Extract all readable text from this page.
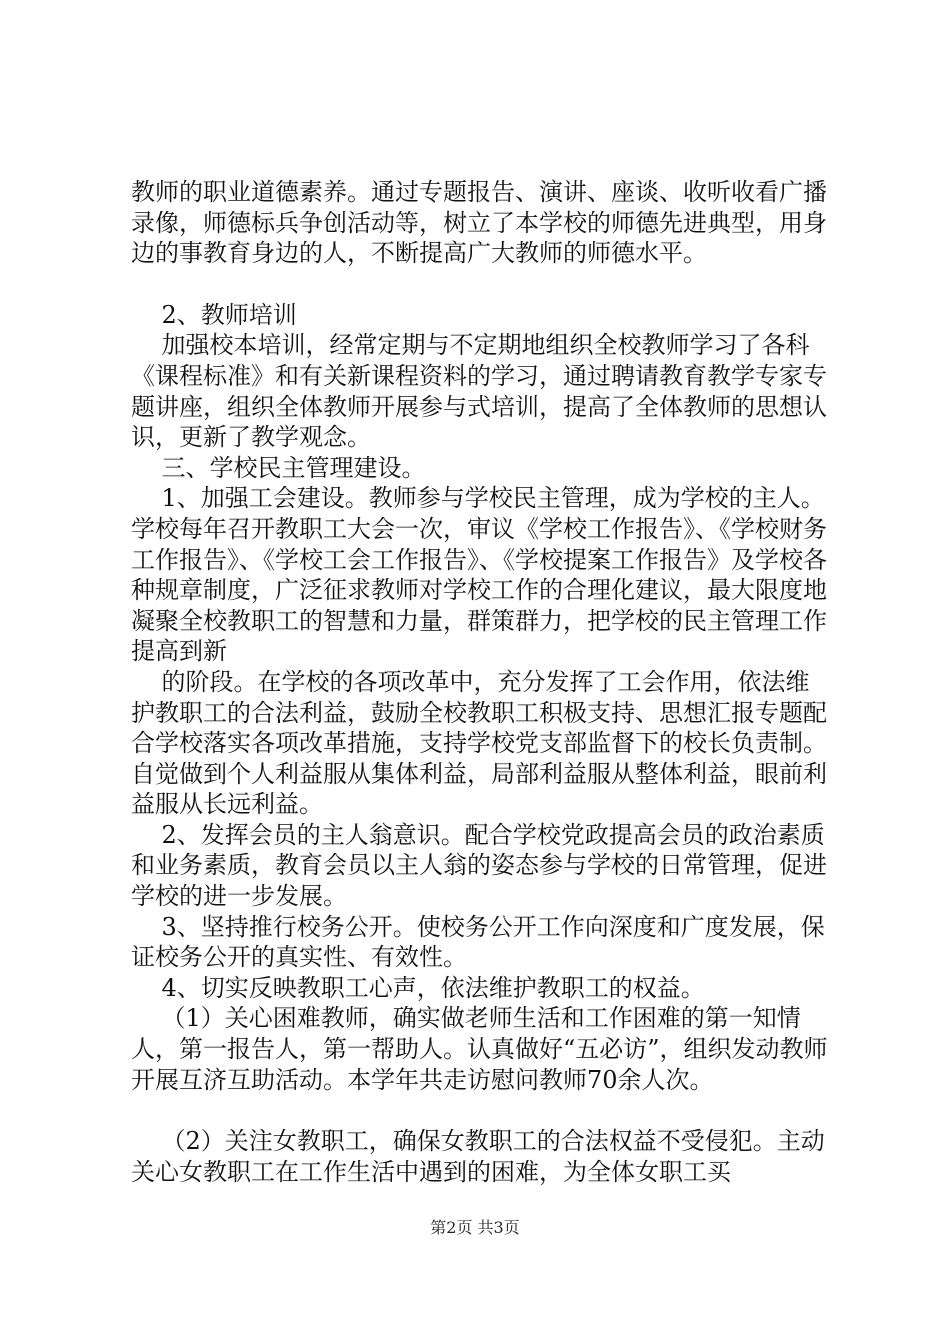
教师的职业道德素养。通过专题报告、演讲、座谈、收听收看广播录像，师德标兵争创活动等，树立了本学校的师德先进典型，用身边的事教育身边的人，不断提高广大教师的师德水平。

2、教师培训

加强校本培训，经常定期与不定期地组织全校教师学习了各科《课程标准》和有关新课程资料的学习，通过聘请教育教学专家专题讲座，组织全体教师开展参与式培训，提高了全体教师的思想认识，更新了教学观念。

三、学校民主管理建设。

1、加强工会建设。教师参与学校民主管理，成为学校的主人。学校每年召开教职工大会一次，审议《学校工作报告》、《学校财务工作报告》、《学校工会工作报告》、《学校提案工作报告》及学校各种规章制度，广泛征求教师对学校工作的合理化建议，最大限度地凝聚全校教职工的智慧和力量，群策群力，把学校的民主管理工作提高到新

的阶段。在学校的各项改革中，充分发挥了工会作用，依法维护教职工的合法利益，鼓励全校教职工积极支持、思想汇报专题配合学校落实各项改革措施，支持学校党支部监督下的校长负责制。自觉做到个人利益服从集体利益，局部利益服从整体利益，眼前利益服从长远利益。

2、发挥会员的主人翁意识。配合学校党政提高会员的政治素质和业务素质，教育会员以主人翁的姿态参与学校的日常管理，促进学校的进一步发展。

3、坚持推行校务公开。使校务公开工作向深度和广度发展，保证校务公开的真实性、有效性。

4、切实反映教职工心声，依法维护教职工的权益。

（1）关心困难教师，确实做老师生活和工作困难的第一知情人，第一报告人，第一帮助人。认真做好“五必访”，组织发动教师开展互济互助活动。本学年共走访慰问教师70余人次。

（2）关注女教职工，确保女教职工的合法权益不受侵犯。主动关心女教职工在工作生活中遇到的困难，为全体女职工买

第2页 共3页
